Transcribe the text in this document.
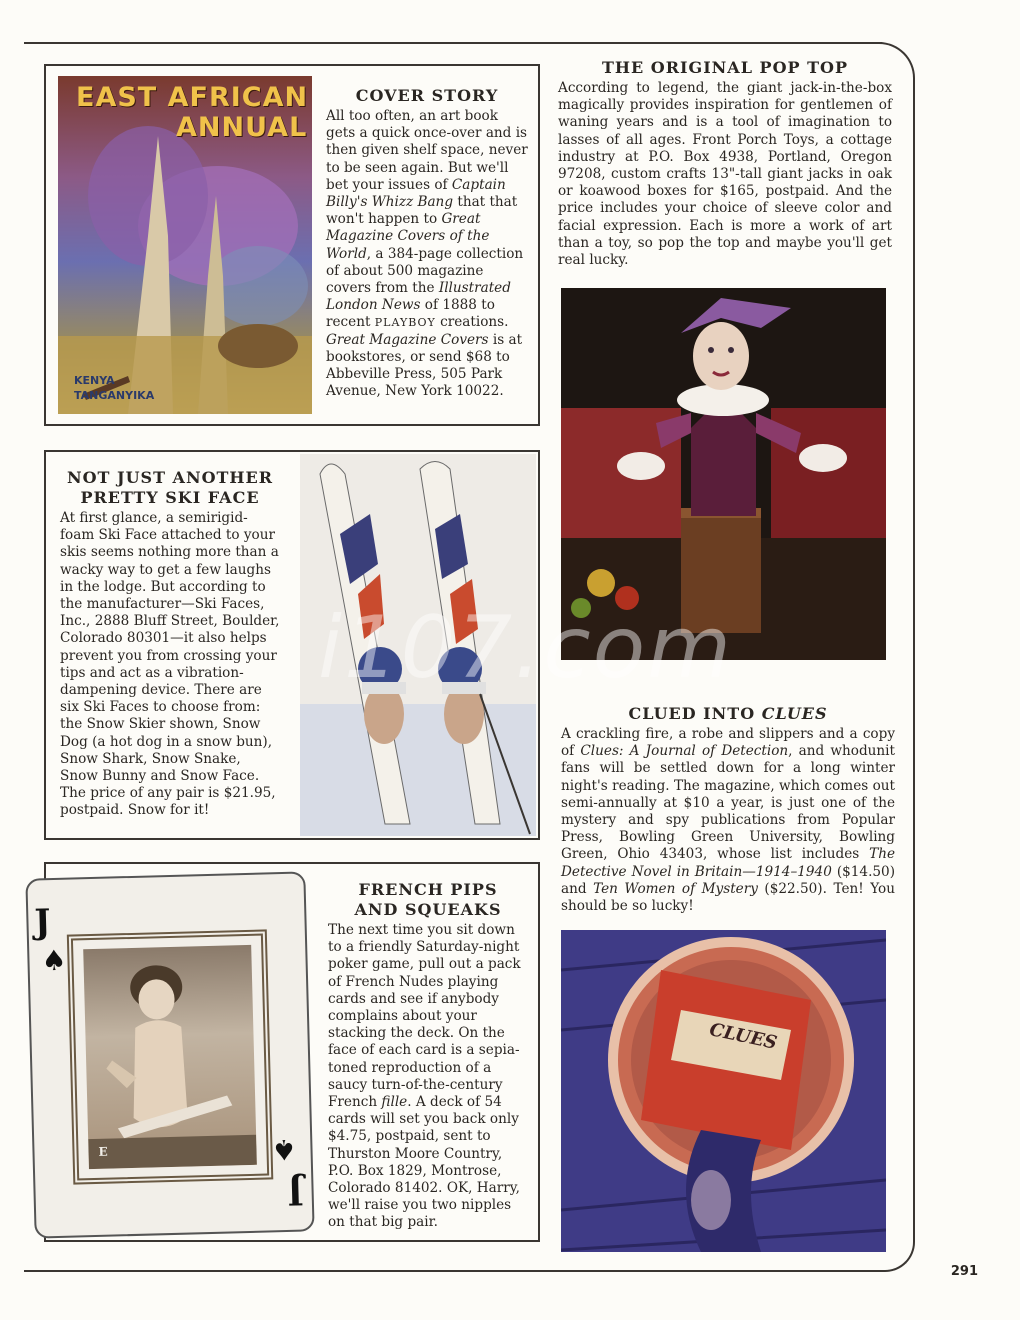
EAST AFRICAN
ANNUAL
KENYA
TANGANYIKA
COVER STORY

All too often, an art book gets a quick once-over and is then given shelf space, never to be seen again. But we'll bet your issues of Captain Billy's Whizz Bang that that won't happen to Great Magazine Covers of the World, a 384-page collection of about 500 magazine covers from the Illustrated London News of 1888 to recent PLAYBOY creations. Great Magazine Covers is at bookstores, or send $68 to Abbeville Press, 505 Park Avenue, New York 10022.

THE ORIGINAL POP TOP

According to legend, the giant jack-in-the-box magically provides inspiration for gentlemen of waning years and is a tool of imagination to lasses of all ages. Front Porch Toys, a cottage industry at P.O. Box 4938, Portland, Oregon 97208, custom crafts 13"-tall giant jacks in oak or koawood boxes for $165, postpaid. And the price includes your choice of sleeve color and facial expression. Each is more a work of art than a toy, so pop the top and maybe you'll get real lucky.

NOT JUST ANOTHER
PRETTY SKI FACE

At first glance, a semirigid-foam Ski Face attached to your skis seems nothing more than a wacky way to get a few laughs in the lodge. But according to the manufacturer—Ski Faces, Inc., 2888 Bluff Street, Boulder, Colorado 80301—it also helps prevent you from crossing your tips and act as a vibration-dampening device. There are six Ski Faces to choose from: the Snow Skier shown, Snow Dog (a hot dog in a snow bun), Snow Shark, Snow Snake, Snow Bunny and Snow Face. The price of any pair is $21.95, postpaid. Snow for it!

CLUED INTO CLUES

A crackling fire, a robe and slippers and a copy of Clues: A Journal of Detection, and whodunit fans will be settled down for a long winter night's reading. The magazine, which comes out semi-annually at $10 a year, is just one of the mystery and spy publications from Popular Press, Bowling Green University, Bowling Green, Ohio 43403, whose list includes The Detective Novel in Britain—1914–1940 ($14.50) and Ten Women of Mystery ($22.50). Ten! You should be so lucky!

CLUES
FRENCH PIPS
AND SQUEAKS

The next time you sit down to a friendly Saturday-night poker game, pull out a pack of French Nudes playing cards and see if anybody complains about your stacking the deck. On the face of each card is a sepia-toned reproduction of a saucy turn-of-the-century French fille. A deck of 54 cards will set you back only $4.75, postpaid, sent to Thurston Moore Country, P.O. Box 1829, Montrose, Colorado 81402. OK, Harry, we'll raise you two nipples on that big pair.

J
♠
J
♠
E
i107.com
291
